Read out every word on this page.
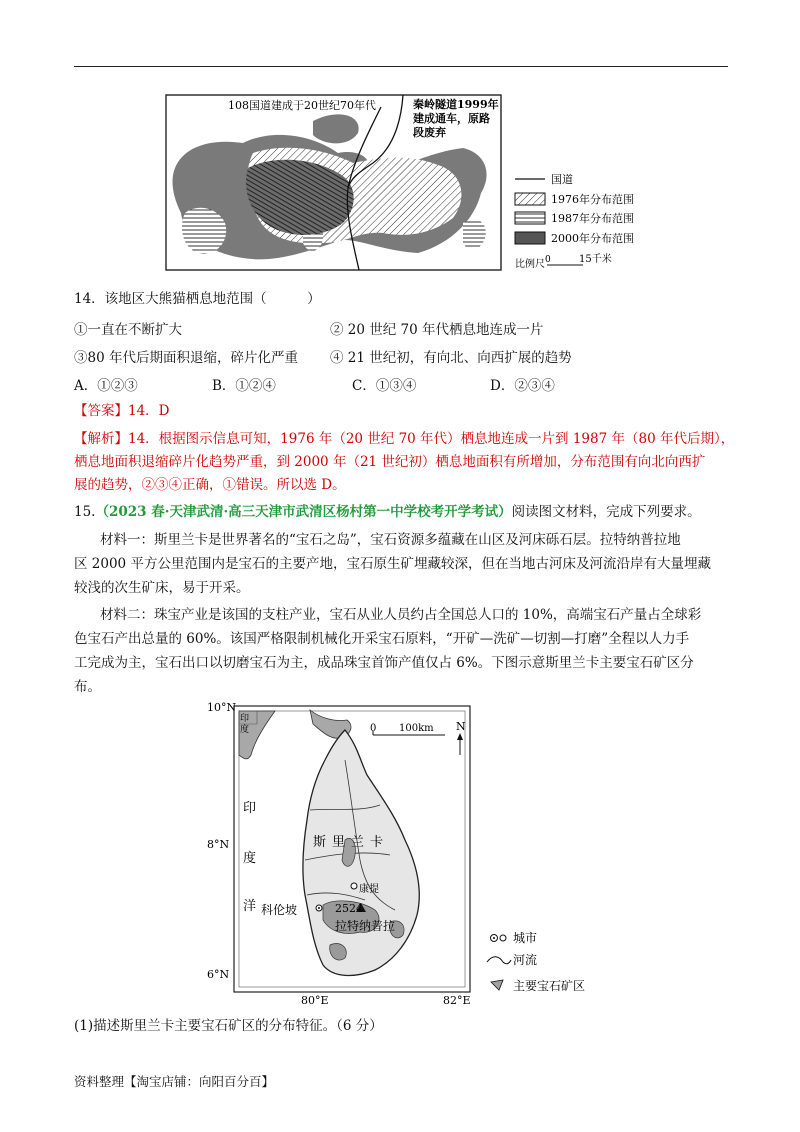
108国道建成于20世纪70年代	秦岭隧道1999年
建成通车，原路
段废弃
国道
1976年分布范围
1987年分布范围
2000年分布范围
比例尺 0	15千米
14．该地区大熊猫栖息地范围（　　　）
①一直在不断扩大	② 20 世纪 70 年代栖息地连成一片
③80 年代后期面积退缩，碎片化严重 ④ 21 世纪初，有向北、向西扩展的趋势
A．①②③	B．①②④	C．①③④	D．②③④
【答案】14．D
【解析】14．根据图示信息可知，1976 年（20 世纪 70 年代）栖息地连成一片到 1987 年（80 年代后期），
栖息地面积退缩碎片化趋势严重，到 2000 年（21 世纪初）栖息地面积有所增加，分布范围有向北向西扩
展的趋势，②③④正确，①错误。所以选 D。
15.（2023 春·天津武清·高三天津市武清区杨村第一中学校考开学考试）阅读图文材料，完成下列要求。
材料一：斯里兰卡是世界著名的“宝石之岛”，宝石资源多蕴藏在山区及河床砾石层。拉特纳普拉地
区 2000 平方公里范围内是宝石的主要产地，宝石原生矿埋藏较深，但在当地古河床及河流沿岸有大量埋藏
较浅的次生矿床，易于开采。
材料二：珠宝产业是该国的支柱产业，宝石从业人员约占全国总人口的 10%，高端宝石产量占全球彩
色宝石产出总量的 60%。该国严格限制机械化开采宝石原料，“开矿—洗矿—切割—打磨”全程以人力手
工完成为主，宝石出口以切磨宝石为主，成品珠宝首饰产值仅占 6%。下图示意斯里兰卡主要宝石矿区分
布。
10°N
8°N
6°N
80°E	82°E
印
度
印
度
洋
斯里兰卡
康提
科伦坡	2524
拉特纳普拉
0 100km N
城市
河流
主要宝石矿区
(1)描述斯里兰卡主要宝石矿区的分布特征。（6 分）
资料整理【淘宝店铺：向阳百分百】
